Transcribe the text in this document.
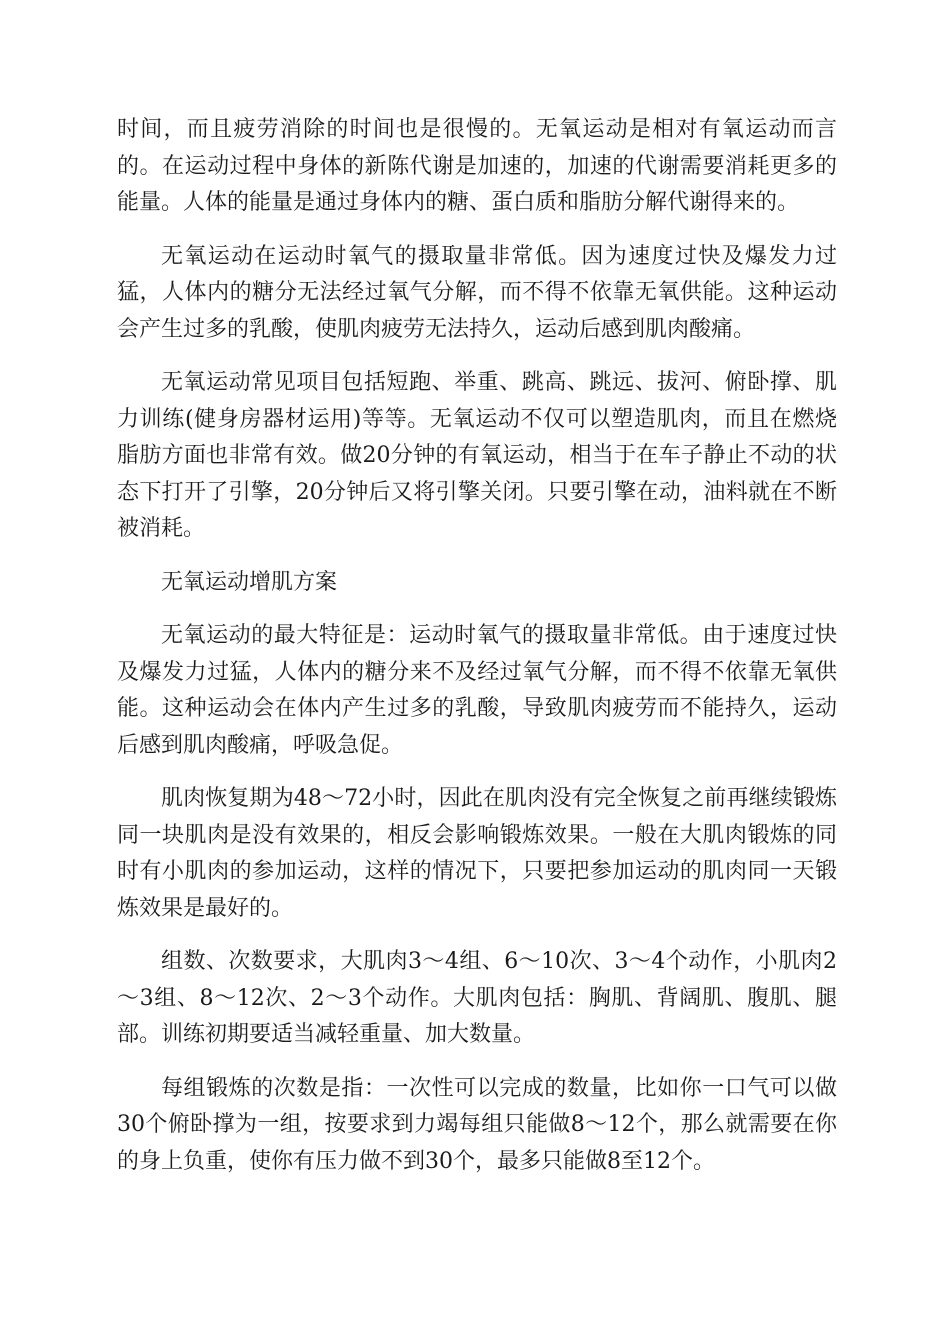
时间，而且疲劳消除的时间也是很慢的。无氧运动是相对有氧运动而言的。在运动过程中身体的新陈代谢是加速的，加速的代谢需要消耗更多的能量。人体的能量是通过身体内的糖、蛋白质和脂肪分解代谢得来的。

无氧运动在运动时氧气的摄取量非常低。因为速度过快及爆发力过猛，人体内的糖分无法经过氧气分解，而不得不依靠无氧供能。这种运动会产生过多的乳酸，使肌肉疲劳无法持久，运动后感到肌肉酸痛。

无氧运动常见项目包括短跑、举重、跳高、跳远、拔河、俯卧撑、肌力训练(健身房器材运用)等等。无氧运动不仅可以塑造肌肉，而且在燃烧脂肪方面也非常有效。做20分钟的有氧运动，相当于在车子静止不动的状态下打开了引擎，20分钟后又将引擎关闭。只要引擎在动，油料就在不断被消耗。

无氧运动增肌方案

无氧运动的最大特征是：运动时氧气的摄取量非常低。由于速度过快及爆发力过猛，人体内的糖分来不及经过氧气分解，而不得不依靠无氧供能。这种运动会在体内产生过多的乳酸，导致肌肉疲劳而不能持久，运动后感到肌肉酸痛，呼吸急促。

肌肉恢复期为48～72小时，因此在肌肉没有完全恢复之前再继续锻炼同一块肌肉是没有效果的，相反会影响锻炼效果。一般在大肌肉锻炼的同时有小肌肉的参加运动，这样的情况下，只要把参加运动的肌肉同一天锻炼效果是最好的。

组数、次数要求，大肌肉3～4组、6～10次、3～4个动作，小肌肉2～3组、8～12次、2～3个动作。大肌肉包括：胸肌、背阔肌、腹肌、腿部。训练初期要适当减轻重量、加大数量。

每组锻炼的次数是指：一次性可以完成的数量，比如你一口气可以做30个俯卧撑为一组，按要求到力竭每组只能做8～12个，那么就需要在你的身上负重，使你有压力做不到30个，最多只能做8至12个。
